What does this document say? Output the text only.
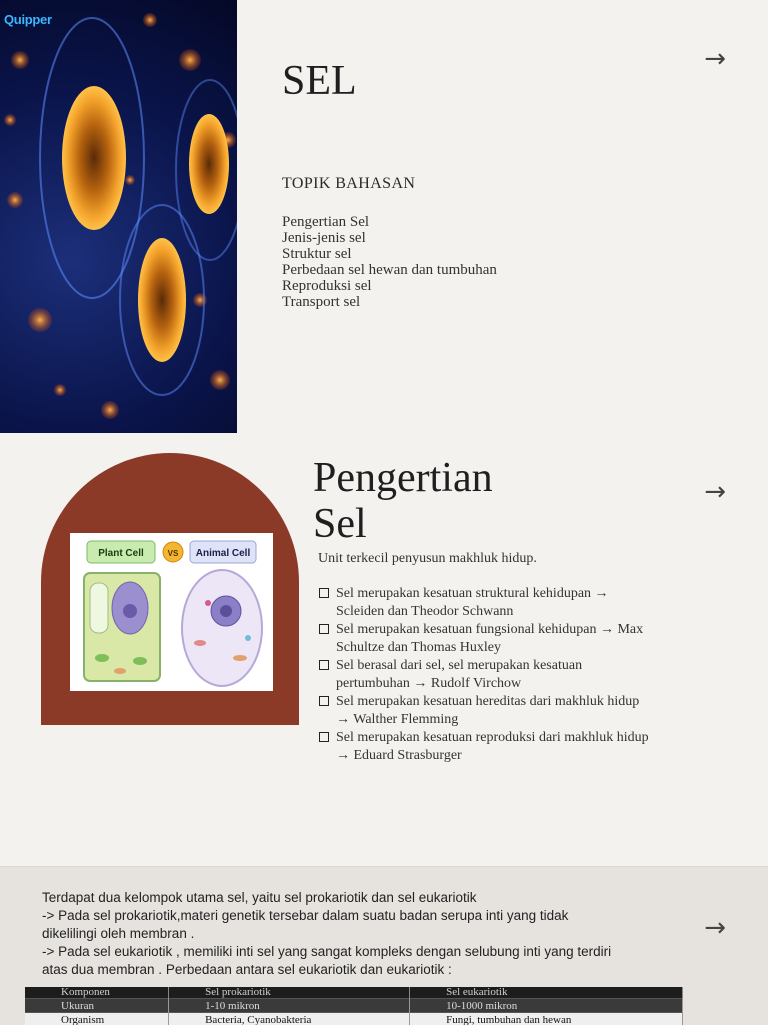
Quipper
SEL
TOPIK BAHASAN
Pengertian Sel
Jenis-jenis sel
Struktur sel
Perbedaan sel hewan dan tumbuhan
Reproduksi sel
Transport sel
→
Plant Cell	VS Animal Cell
Pengertian
Sel
Unit terkecil penyusun makhluk hidup.
Sel merupakan kesatuan struktural kehidupan →
Scleiden dan Theodor Schwann
Sel merupakan kesatuan fungsional kehidupan → Max
Schultze dan Thomas Huxley
Sel berasal dari sel, sel merupakan kesatuan
pertumbuhan → Rudolf Virchow
Sel merupakan kesatuan hereditas dari makhluk hidup
→ Walther Flemming
Sel merupakan kesatuan reproduksi dari makhluk hidup
→ Eduard Strasburger
→

Terdapat dua kelompok utama sel, yaitu sel prokariotik dan sel eukariotik
-> Pada sel prokariotik,materi genetik tersebar dalam suatu badan serupa inti yang tidak
dikelilingi oleh membran .
-> Pada sel eukariotik , memiliki inti sel yang sangat kompleks dengan selubung inti yang terdiri
atas dua membran . Perbedaan antara sel eukariotik dan eukariotik :

Komponen	Sel prokariotik	Sel eukariotik
Ukuran	1-10 mikron	10-1000 mikron
Organism	Bacteria, Cyanobakteria	Fungi, tumbuhan dan hewan
→
